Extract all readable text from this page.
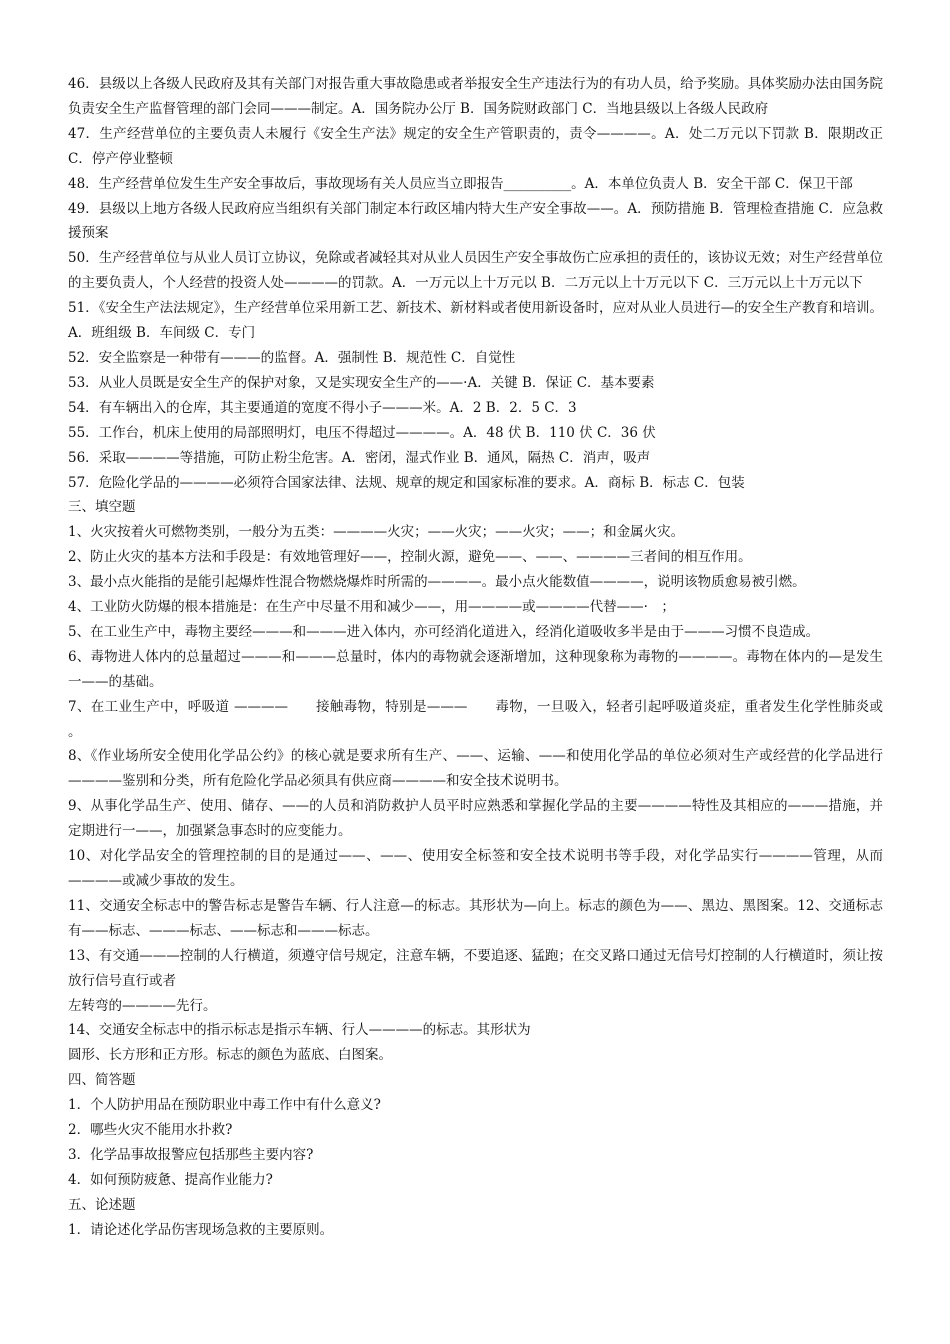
46．县级以上各级人民政府及其有关部门对报告重大事故隐患或者举报安全生产违法行为的有功人员，给予奖励。具体奖励办法由国务院负责安全生产监督管理的部门会同———制定。A．国务院办公厅 B．国务院财政部门 C．当地县级以上各级人民政府

47．生产经营单位的主要负责人未履行《安全生产法》规定的安全生产管职责的，责令————。A．处二万元以下罚款 B．限期改正 C．停产停业整顿

48．生产经营单位发生生产安全事故后，事故现场有关人员应当立即报告__________。A．本单位负责人 B．安全干部 C．保卫干部

49．县级以上地方各级人民政府应当组织有关部门制定本行政区埔内特大生产安全事故——。A．预防措施 B．管理检查措施 C．应急救援预案

50．生产经营单位与从业人员订立协议，免除或者减轻其对从业人员因生产安全事故伤亡应承担的责任的，该协议无效；对生产经营单位的主要负责人，个人经营的投资人处————的罚款。A．一万元以上十万元以 B．二万元以上十万元以下 C．三万元以上十万元以下

51．《安全生产法法规定》，生产经营单位采用新工艺、新技术、新材料或者使用新设备时，应对从业人员进行—的安全生产教育和培训。A．班组级 B．车间级 C．专门

52．安全监察是一种带有———的监督。A．强制性 B．规范性 C．自觉性

53．从业人员既是安全生产的保护对象，又是实现安全生产的——·A．关键 B．保证 C．基本要素

54．有车辆出入的仓库，其主要通道的宽度不得小子———米。A．2 B．2．5 C．3

55．工作台，机床上使用的局部照明灯，电压不得超过————。A．48 伏 B．110 伏 C．36 伏

56．采取————等措施，可防止粉尘危害。A．密闭，湿式作业 B．通风，隔热 C．消声，吸声

57．危险化学品的————必须符合国家法律、法规、规章的规定和国家标准的要求。A．商标 B．标志 C．包装

三、填空题

1、火灾按着火可燃物类别，一般分为五类：————火灾；——火灾；——火灾；——；和金属火灾。

2、防止火灾的基本方法和手段是：有效地管理好——，控制火源，避免——、——、————三者间的相互作用。

3、最小点火能指的是能引起爆炸性混合物燃烧爆炸时所需的————。最小点火能数值————，说明该物质愈易被引燃。

4、工业防火防爆的根本措施是：在生产中尽量不用和减少——，用————或————代替——·　；

5、在工业生产中，毒物主要经———和———进入体内，亦可经消化道进入，经消化道吸收多半是由于———习惯不良造成。

6、毒物进人体内的总量超过———和———总量时，体内的毒物就会逐渐增加，这种现象称为毒物的————。毒物在体内的—是发生一——的基础。

7、在工业生产中，呼吸道 ————　　接触毒物，特别是———　　毒物，一旦吸入，轻者引起呼吸道炎症，重者发生化学性肺炎或　　。

8、《作业场所安全使用化学品公约》的核心就是要求所有生产、——、运输、——和使用化学品的单位必须对生产或经营的化学品进行————鉴别和分类，所有危险化学品必须具有供应商————和安全技术说明书。

9、从事化学品生产、使用、储存、——的人员和消防救护人员平时应熟悉和掌握化学品的主要————特性及其相应的———措施，并定期进行一——，加强紧急事态时的应变能力。

10、对化学品安全的管理控制的目的是通过——、——、使用安全标签和安全技术说明书等手段，对化学品实行————管理，从而————或减少事故的发生。

11、交通安全标志中的警告标志是警告车辆、行人注意—的标志。其形状为—向上。标志的颜色为——、黑边、黑图案。12、交通标志有——标志、———标志、——标志和———标志。

13、有交通———控制的人行横道，须遵守信号规定，注意车辆，不要追逐、猛跑；在交叉路口通过无信号灯控制的人行横道时，须让按放行信号直行或者

左转弯的————先行。

14、交通安全标志中的指示标志是指示车辆、行人————的标志。其形状为

圆形、长方形和正方形。标志的颜色为蓝底、白图案。

四、简答题

1．个人防护用品在预防职业中毒工作中有什么意义?

2．哪些火灾不能用水扑救?

3．化学品事故报警应包括那些主要内容?

4．如何预防疲惫、提高作业能力?

五、论述题

1．请论述化学品伤害现场急救的主要原则。
